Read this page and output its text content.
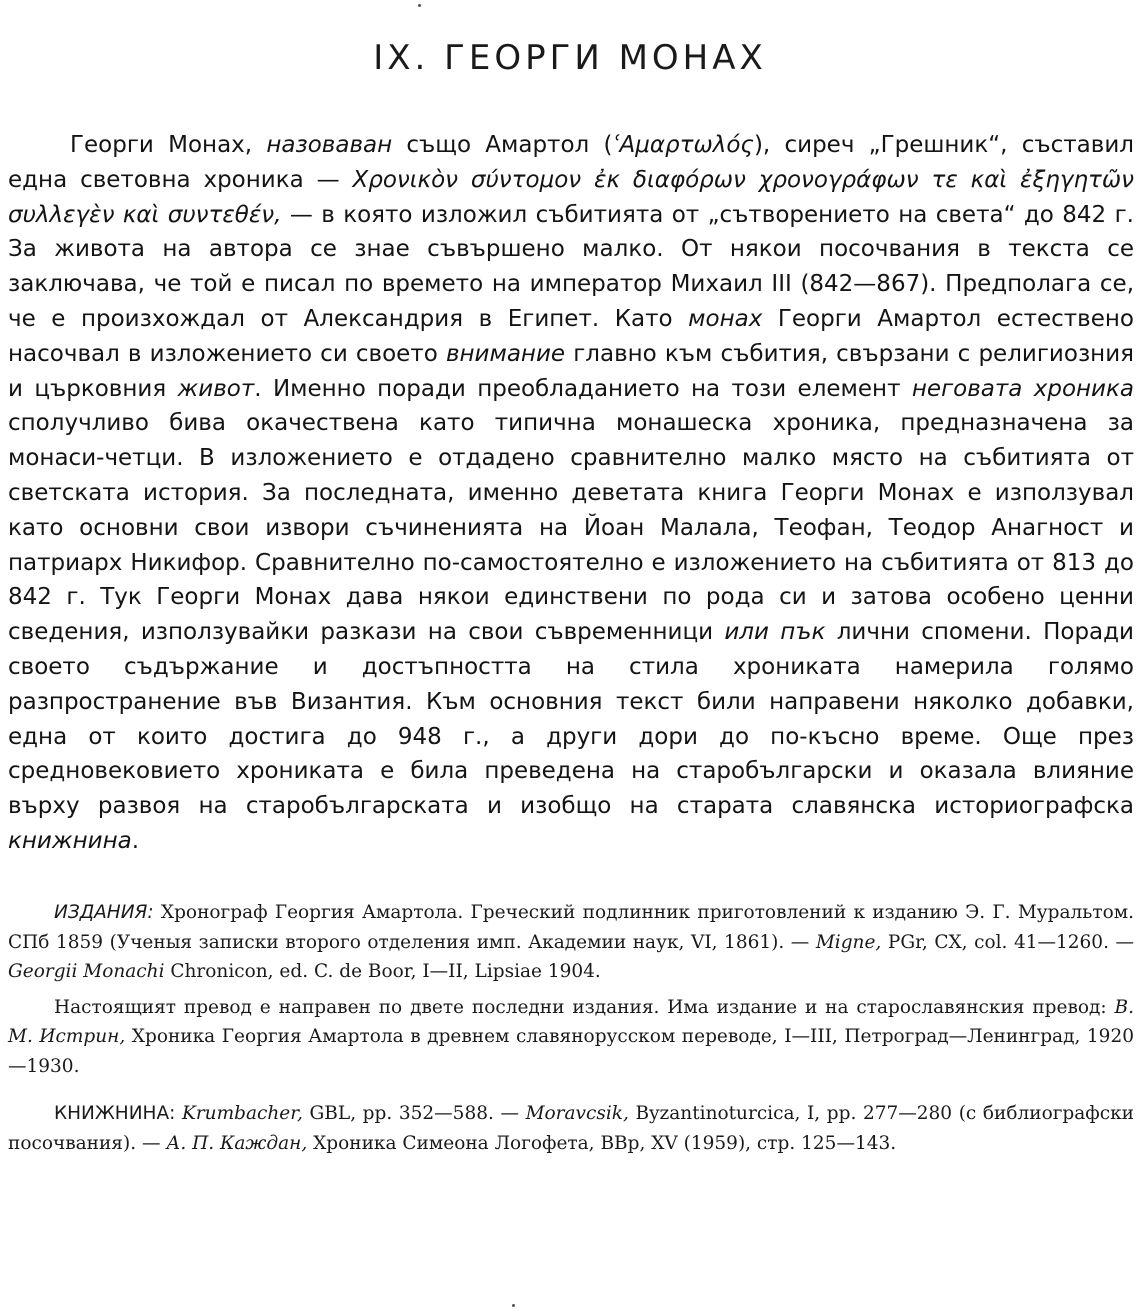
IX. ГЕОРГИ МОНАХ

Георги Монах, назоваван също Амартол (ʿΑμαρτωλός), сиреч „Грешник“, съставил една световна хроника — Χρονικὸν σύντομον ἐκ διαφόρων χρονογράφων τε καὶ ἐξηγητῶν συλλεγὲν καὶ συντεθέν, — в която изложил събитията от „сътворението на света“ до 842 г. За живота на автора се знае съвършено малко. От някои посочвания в текста се заключава, че той е писал по времето на император Михаил III (842—867). Предполага се, че е произхождал от Александрия в Египет. Като монах Георги Амартол естествено насочвал в изложението си своето внимание главно към събития, свързани с религиозния и църковния живот. Именно поради преобладанието на този елемент неговата хроника сполучливо бива окачествена като типична монашеска хроника, предназначена за монаси-четци. В изложението е отдадено сравнително малко място на събитията от светската история. За последната, именно деветата книга Георги Монах е използувал като основни свои извори съчиненията на Йоан Малала, Теофан, Теодор Анагност и патриарх Никифор. Сравнително по-самостоятелно е изложението на събитията от 813 до 842 г. Тук Георги Монах дава някои единствени по рода си и затова особено ценни сведения, използувайки разкази на свои съвременници или пък лични спомени. Поради своето съдържание и достъпността на стила хрониката намерила голямо разпространение във Византия. Към основния текст били направени няколко добавки, една от които достига до 948 г., а други дори до по-късно време. Още през средновековието хрониката е била преведена на старобългарски и оказала влияние върху развоя на старобългарската и изобщо на старата славянска историографска книжнина.

ИЗДАНИЯ: Хронограф Георгия Амартола. Греческий подлинник приготовлений к изданию Э. Г. Муральтом. СПб 1859 (Ученыя записки второго отделения имп. Академии наук, VI, 1861). — Migne, PGr, CX, col. 41—1260. — Georgii Monachi Chronicon, ed. C. de Boor, I—II, Lipsiae 1904.

Настоящият превод е направен по двете последни издания. Има издание и на старославянския превод: В. М. Истрин, Хроника Георгия Амартола в древнем славянорусском переводе, I—III, Петроград—Ленинград, 1920—1930.

КНИЖНИНА: Krumbacher, GBL, pp. 352—588. — Moravcsik, Byzantinoturcica, I, pp. 277—280 (с библиографски посочвания). — А. П. Каждан, Хроника Симеона Логофета, ВВр, XV (1959), стр. 125—143.
